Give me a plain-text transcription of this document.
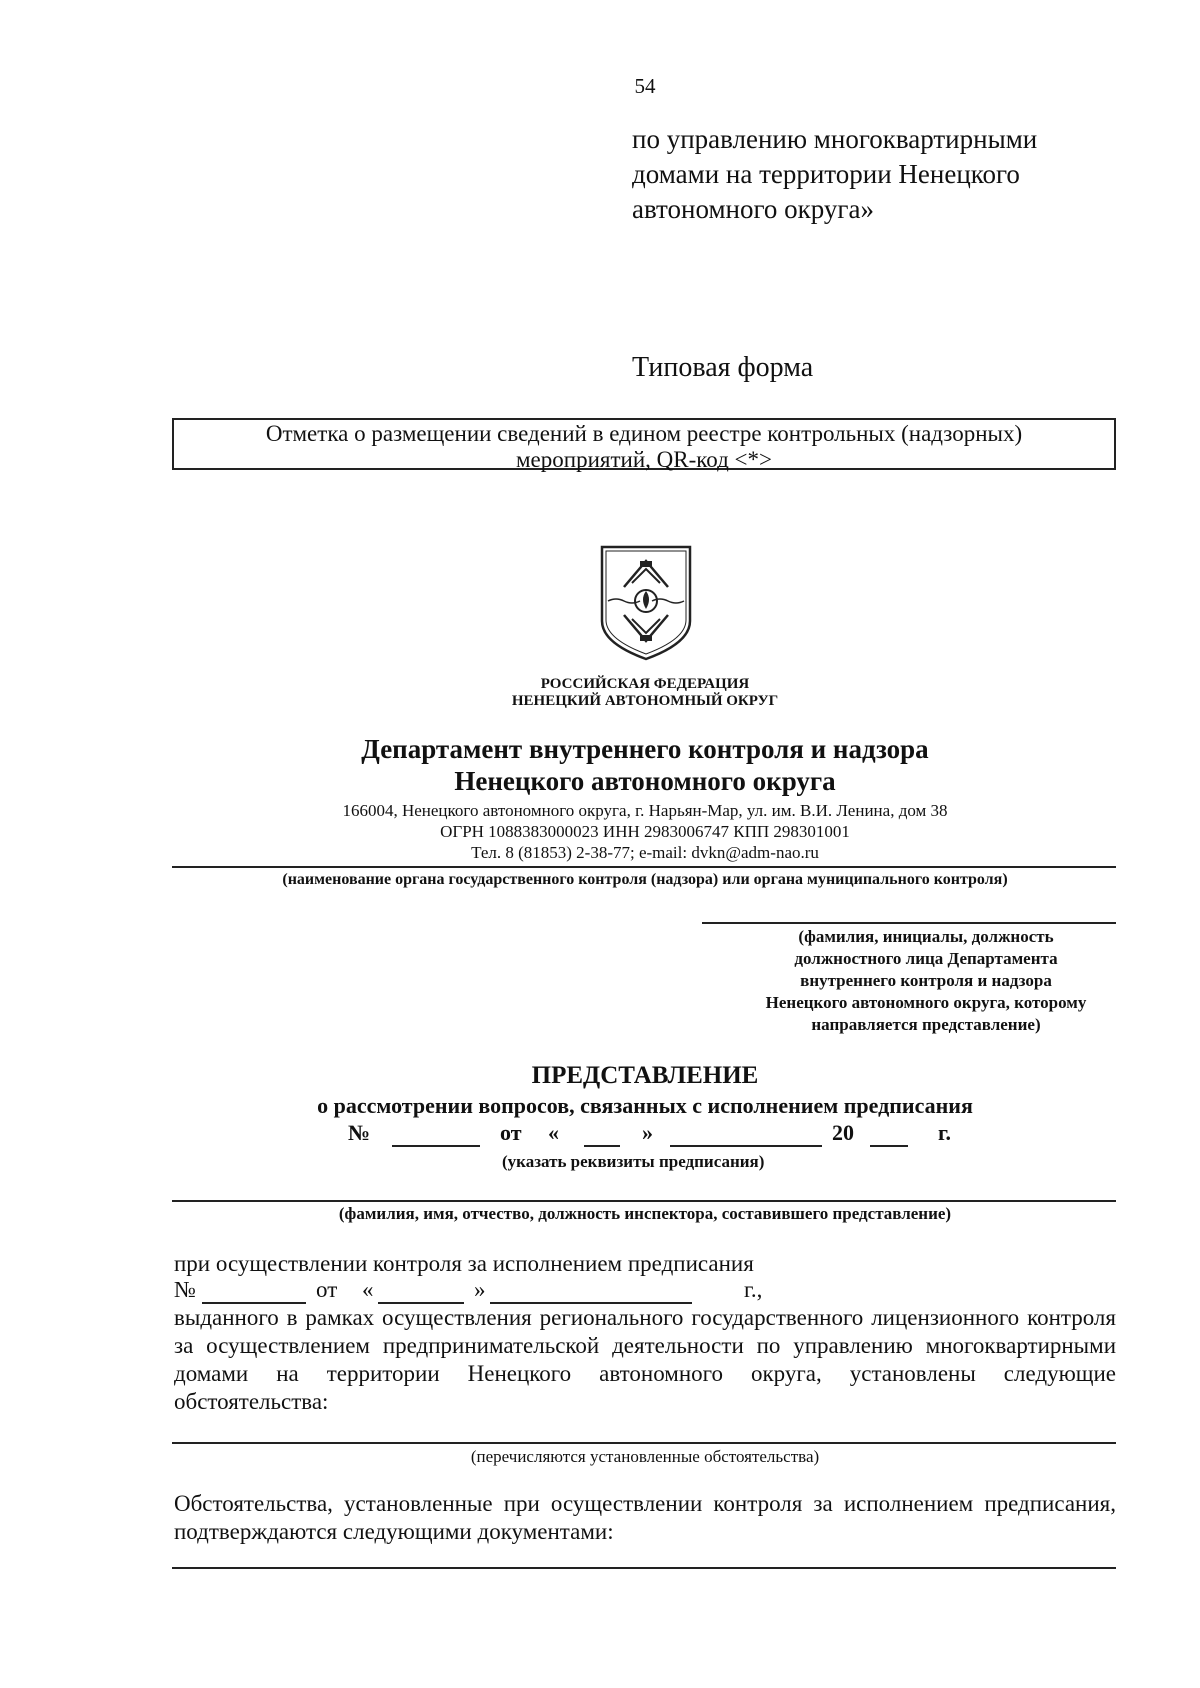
54
по управлению многоквартирными
домами на территории Ненецкого
автономного округа»
Типовая форма
Отметка о размещении сведений в едином реестре контрольных (надзорных)
мероприятий, QR-код <*>
РОССИЙСКАЯ ФЕДЕРАЦИЯ
НЕНЕЦКИЙ АВТОНОМНЫЙ ОКРУГ
Департамент внутреннего контроля и надзора
Ненецкого автономного округа
166004, Ненецкого автономного округа, г. Нарьян-Мар, ул. им. В.И. Ленина, дом 38
ОГРН 1088383000023 ИНН 2983006747 КПП 298301001
Тел. 8 (81853) 2-38-77; e-mail: dvkn@adm-nao.ru
(наименование органа государственного контроля (надзора) или органа муниципального контроля)
(фамилия, инициалы, должность
должностного лица Департамента
внутреннего контроля и надзора
Ненецкого автономного округа, которому
направляется представление)
ПРЕДСТАВЛЕНИЕ
о рассмотрении вопросов, связанных с исполнением предписания
№	от «	»	20	г.
(указать реквизиты предписания)
(фамилия, имя, отчество, должность инспектора, составившего представление)
при осуществлении контроля за исполнением предписания
№	от «	»	г.,
выданного в рамках осуществления регионального государственного лицензионного контроля за осуществлением предпринимательской деятельности по управлению многоквартирными домами на территории Ненецкого автономного округа, установлены следующие обстоятельства:
(перечисляются установленные обстоятельства)
Обстоятельства, установленные при осуществлении контроля за исполнением предписания, подтверждаются следующими документами:
